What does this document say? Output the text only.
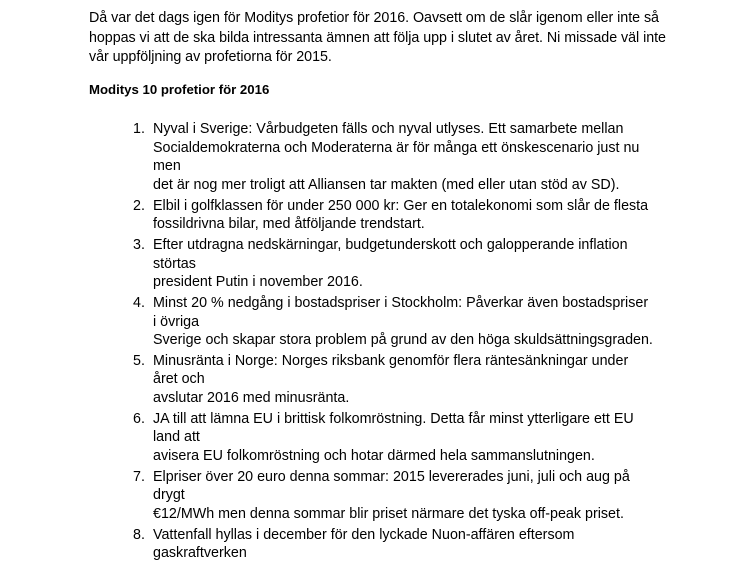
Då var det dags igen för Moditys profetior för 2016. Oavsett om de slår igenom eller inte så
hoppas vi att de ska bilda intressanta ämnen att följa upp i slutet av året. Ni missade väl inte
vår uppföljning av profetiorna för 2015.

Moditys 10 profetior för 2016

1. Nyval i Sverige: Vårbudgeten fälls och nyval utlyses. Ett samarbete mellan
Socialdemokraterna och Moderaterna är för många ett önskescenario just nu men
det är nog mer troligt att Alliansen tar makten (med eller utan stöd av SD).
2. Elbil i golfklassen för under 250 000 kr: Ger en totalekonomi som slår de flesta
fossildrivna bilar, med åtföljande trendstart.
3. Efter utdragna nedskärningar, budgetunderskott och galopperande inflation störtas
president Putin i november 2016.
4. Minst 20 % nedgång i bostadspriser i Stockholm: Påverkar även bostadspriser i övriga
Sverige och skapar stora problem på grund av den höga skuldsättningsgraden.
5. Minusränta i Norge: Norges riksbank genomför flera räntesänkningar under året och
avslutar 2016 med minusränta.
6. JA till att lämna EU i brittisk folkomröstning. Detta får minst ytterligare ett EU land att
avisera EU folkomröstning och hotar därmed hela sammanslutningen.
7. Elpriser över 20 euro denna sommar: 2015 levererades juni, juli och aug på drygt
€12/MWh men denna sommar blir priset närmare det tyska off-peak priset.
8. Vattenfall hyllas i december för den lyckade Nuon-affären eftersom gaskraftverken
